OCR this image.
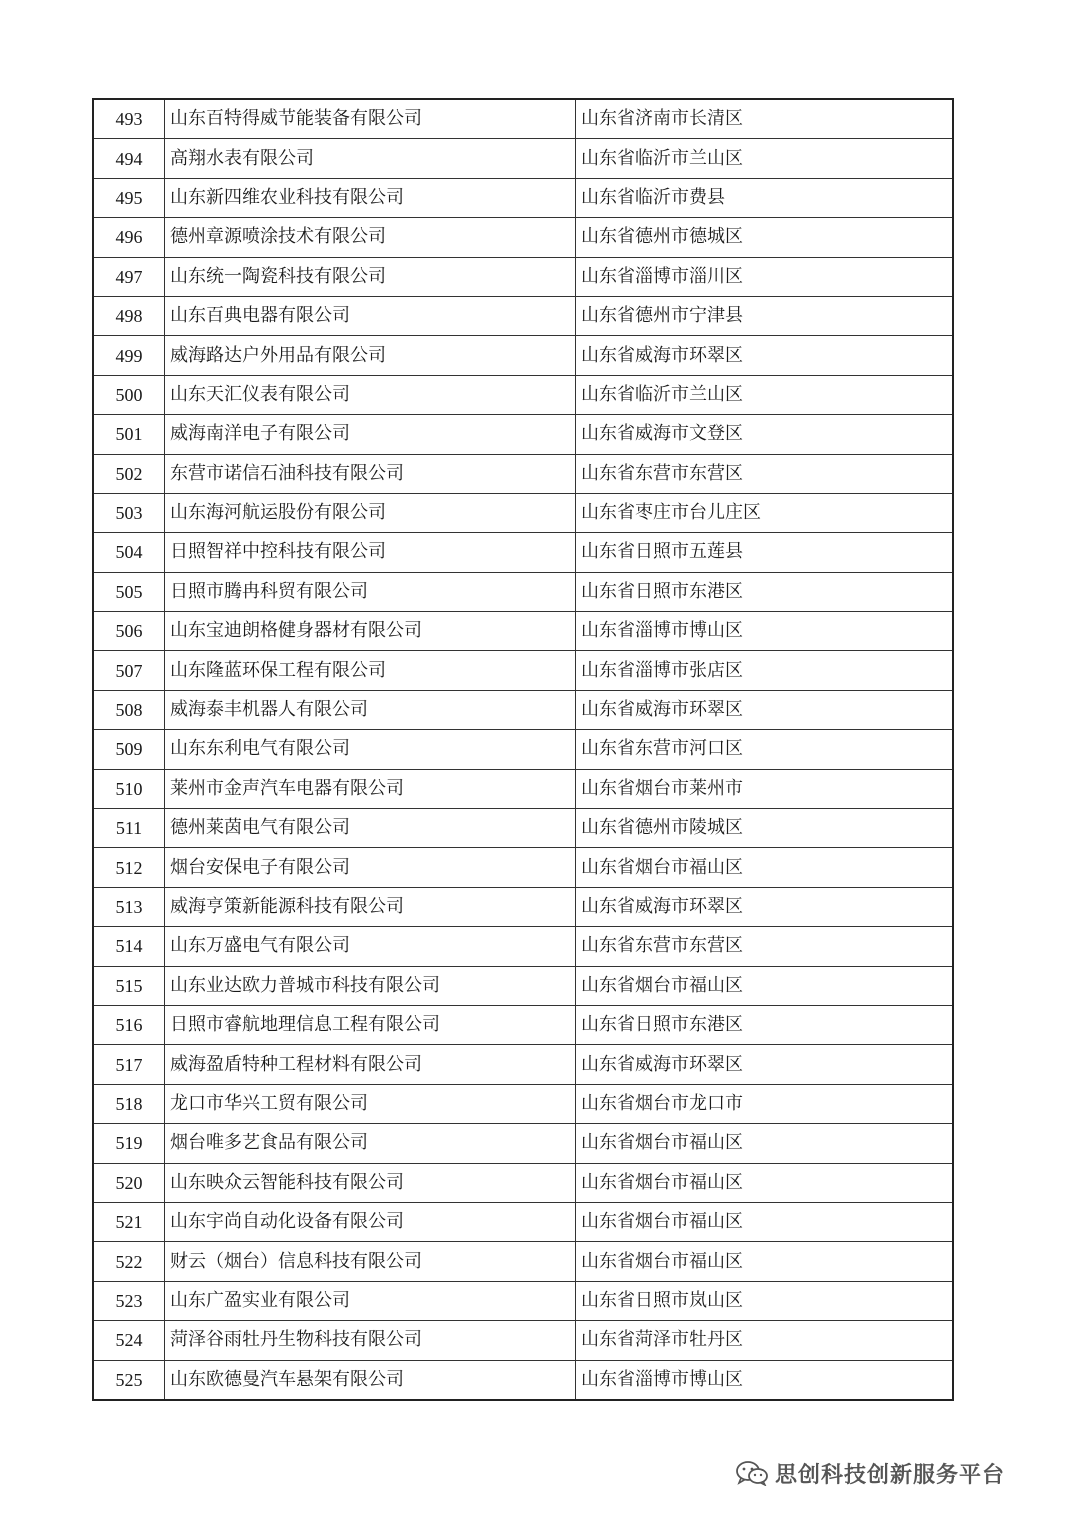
493	山东百特得威节能装备有限公司	山东省济南市长清区
494	高翔水表有限公司	山东省临沂市兰山区
495	山东新四维农业科技有限公司	山东省临沂市费县
496	德州章源喷涂技术有限公司	山东省德州市德城区
497	山东统一陶瓷科技有限公司	山东省淄博市淄川区
498	山东百典电器有限公司	山东省德州市宁津县
499	威海路达户外用品有限公司	山东省威海市环翠区
500	山东天汇仪表有限公司	山东省临沂市兰山区
501	威海南洋电子有限公司	山东省威海市文登区
502	东营市诺信石油科技有限公司	山东省东营市东营区
503	山东海河航运股份有限公司	山东省枣庄市台儿庄区
504	日照智祥中控科技有限公司	山东省日照市五莲县
505	日照市腾冉科贸有限公司	山东省日照市东港区
506	山东宝迪朗格健身器材有限公司	山东省淄博市博山区
507	山东隆蓝环保工程有限公司	山东省淄博市张店区
508	威海泰丰机器人有限公司	山东省威海市环翠区
509	山东东利电气有限公司	山东省东营市河口区
510	莱州市金声汽车电器有限公司	山东省烟台市莱州市
511	德州莱茵电气有限公司	山东省德州市陵城区
512	烟台安保电子有限公司	山东省烟台市福山区
513	威海亨策新能源科技有限公司	山东省威海市环翠区
514	山东万盛电气有限公司	山东省东营市东营区
515	山东业达欧力普城市科技有限公司	山东省烟台市福山区
516	日照市睿航地理信息工程有限公司	山东省日照市东港区
517	威海盈盾特种工程材料有限公司	山东省威海市环翠区
518	龙口市华兴工贸有限公司	山东省烟台市龙口市
519	烟台唯多艺食品有限公司	山东省烟台市福山区
520	山东映众云智能科技有限公司	山东省烟台市福山区
521	山东宇尚自动化设备有限公司	山东省烟台市福山区
522	财云（烟台）信息科技有限公司	山东省烟台市福山区
523	山东广盈实业有限公司	山东省日照市岚山区
524	菏泽谷雨牡丹生物科技有限公司	山东省菏泽市牡丹区
525	山东欧德曼汽车悬架有限公司	山东省淄博市博山区
思创科技创新服务平台
